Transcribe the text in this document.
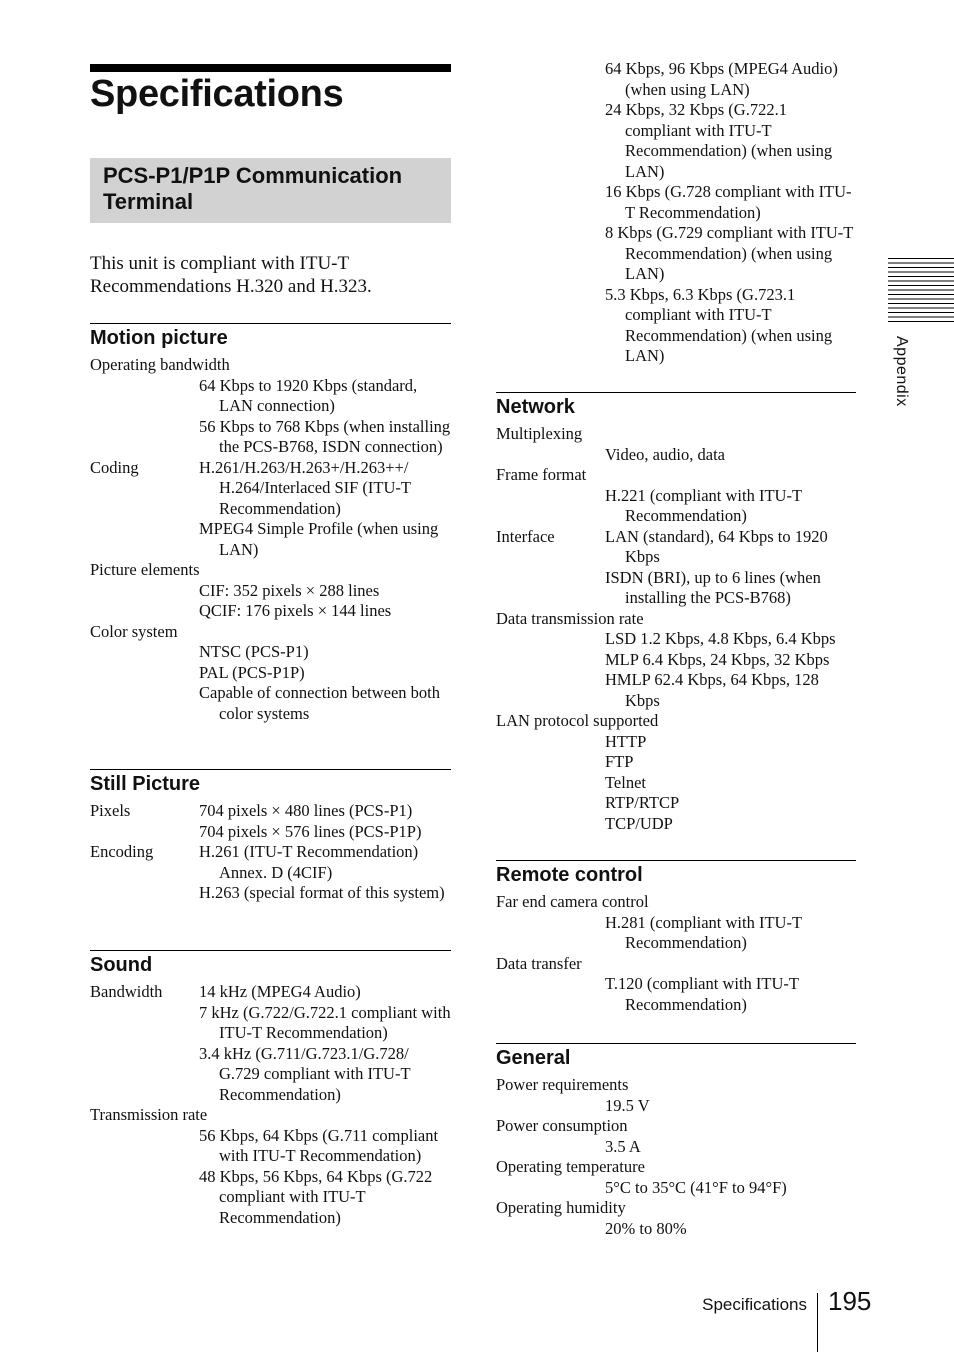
Specifications
PCS-P1/P1P Communication Terminal

This unit is compliant with ITU-T Recommendations H.320 and H.323.

Motion picture
Operating bandwidth
64 Kbps to 1920 Kbps (standard, LAN connection)
56 Kbps to 768 Kbps (when installing the PCS-B768, ISDN connection)
Coding	H.261/H.263/H.263+/H.263++/ H.264/Interlaced SIF (ITU-T Recommendation)
MPEG4 Simple Profile (when using LAN)
Picture elements
CIF: 352 pixels × 288 lines
QCIF: 176 pixels × 144 lines
Color system
NTSC (PCS-P1)
PAL (PCS-P1P)
Capable of connection between both color systems
Still Picture
Pixels	704 pixels × 480 lines (PCS-P1)
704 pixels × 576 lines (PCS-P1P)
Encoding	H.261 (ITU-T Recommendation) Annex. D (4CIF)
H.263 (special format of this system)
Sound
Bandwidth 14 kHz (MPEG4 Audio)
7 kHz (G.722/G.722.1 compliant with ITU-T Recommendation)
3.4 kHz (G.711/G.723.1/G.728/ G.729 compliant with ITU-T Recommendation)
Transmission rate
56 Kbps, 64 Kbps (G.711 compliant with ITU-T Recommendation)
48 Kbps, 56 Kbps, 64 Kbps (G.722 compliant with ITU-T Recommendation)
64 Kbps, 96 Kbps (MPEG4 Audio) (when using LAN)
24 Kbps, 32 Kbps (G.722.1 compliant with ITU-T Recommendation) (when using LAN)
16 Kbps (G.728 compliant with ITU-T Recommendation)
8 Kbps (G.729 compliant with ITU-T Recommendation) (when using LAN)
5.3 Kbps, 6.3 Kbps (G.723.1 compliant with ITU-T Recommendation) (when using LAN)
Network
Multiplexing
Video, audio, data
Frame format
H.221 (compliant with ITU-T Recommendation)
Interface	LAN (standard), 64 Kbps to 1920 Kbps
ISDN (BRI), up to 6 lines (when installing the PCS-B768)
Data transmission rate
LSD 1.2 Kbps, 4.8 Kbps, 6.4 Kbps
MLP 6.4 Kbps, 24 Kbps, 32 Kbps
HMLP 62.4 Kbps, 64 Kbps, 128 Kbps
LAN protocol supported
HTTP
FTP
Telnet
RTP/RTCP
TCP/UDP
Remote control
Far end camera control
H.281 (compliant with ITU-T Recommendation)
Data transfer
T.120 (compliant with ITU-T Recommendation)
General
Power requirements
19.5 V
Power consumption
3.5 A
Operating temperature
5°C to 35°C (41°F to 94°F)
Operating humidity
20% to 80%
Appendix
Specifications 195
